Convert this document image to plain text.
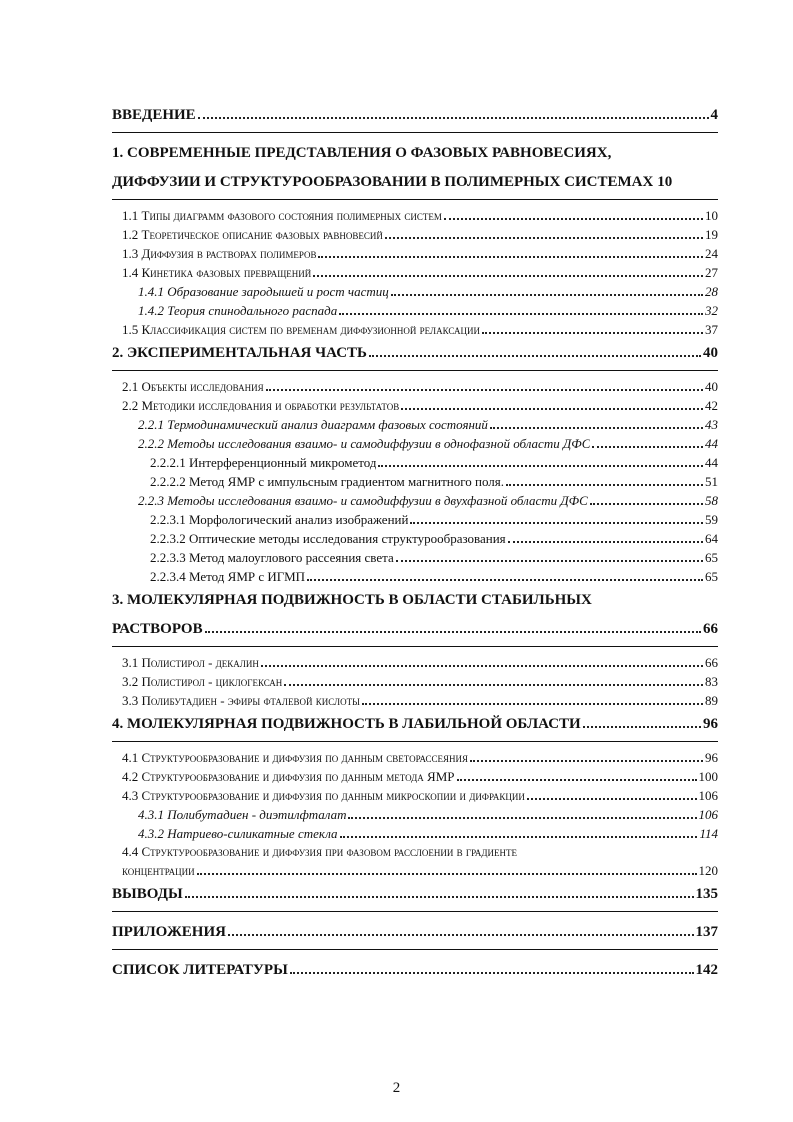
ВВЕДЕНИЕ	4
1. СОВРЕМЕННЫЕ ПРЕДСТАВЛЕНИЯ О ФАЗОВЫХ РАВНОВЕСИЯХ,
ДИФФУЗИИ И СТРУКТУРООБРАЗОВАНИИ В ПОЛИМЕРНЫХ СИСТЕМАХ 10
1.1 Типы диаграмм фазового состояния полимерных систем	10
1.2 Теоретическое описание фазовых равновесий	19
1.3 Диффузия в растворах полимеров	24
1.4 Кинетика фазовых превращений	27
1.4.1 Образование зародышей и рост частиц	28
1.4.2 Теория спинодального распада	32
1.5 Классификация систем по временам диффузионной релаксации	37
2. ЭКСПЕРИМЕНТАЛЬНАЯ ЧАСТЬ	40
2.1 Объекты исследования	40
2.2 Методики исследования и обработки результатов	42
2.2.1 Термодинамический анализ диаграмм фазовых состояний	43
2.2.2 Методы исследования взаимо- и самодиффузии в однофазной области ДФС	44
2.2.2.1 Интерференционный микрометод	44
2.2.2.2 Метод ЯМР с импульсным градиентом магнитного поля.	51
2.2.3 Методы исследования взаимо- и самодиффузии в двухфазной области ДФС	58
2.2.3.1 Морфологический анализ изображений	59
2.2.3.2 Оптические методы исследования структурообразования	64
2.2.3.3 Метод малоуглового рассеяния света	65
2.2.3.4 Метод ЯМР с ИГМП	65
3. МОЛЕКУЛЯРНАЯ ПОДВИЖНОСТЬ В ОБЛАСТИ СТАБИЛЬНЫХ
РАСТВОРОВ	66
3.1 Полистирол - декалин	66
3.2 Полистирол - циклогексан	83
3.3 Полибутадиен - эфиры фталевой кислоты	89
4. МОЛЕКУЛЯРНАЯ ПОДВИЖНОСТЬ В ЛАБИЛЬНОЙ ОБЛАСТИ	96
4.1 Структурообразование и диффузия по данным светорассеяния	96
4.2 Структурообразование и диффузия по данным метода ЯМР	100
4.3 Структурообразование и диффузия по данным микроскопии и дифракции	106
4.3.1 Полибутадиен - диэтилфталат	106
4.3.2 Натриево-силикатные стекла	114
4.4 Структурообразование и диффузия при фазовом расслоении в градиенте
концентрации	120
ВЫВОДЫ	135
ПРИЛОЖЕНИЯ	137
СПИСОК ЛИТЕРАТУРЫ	142
2
